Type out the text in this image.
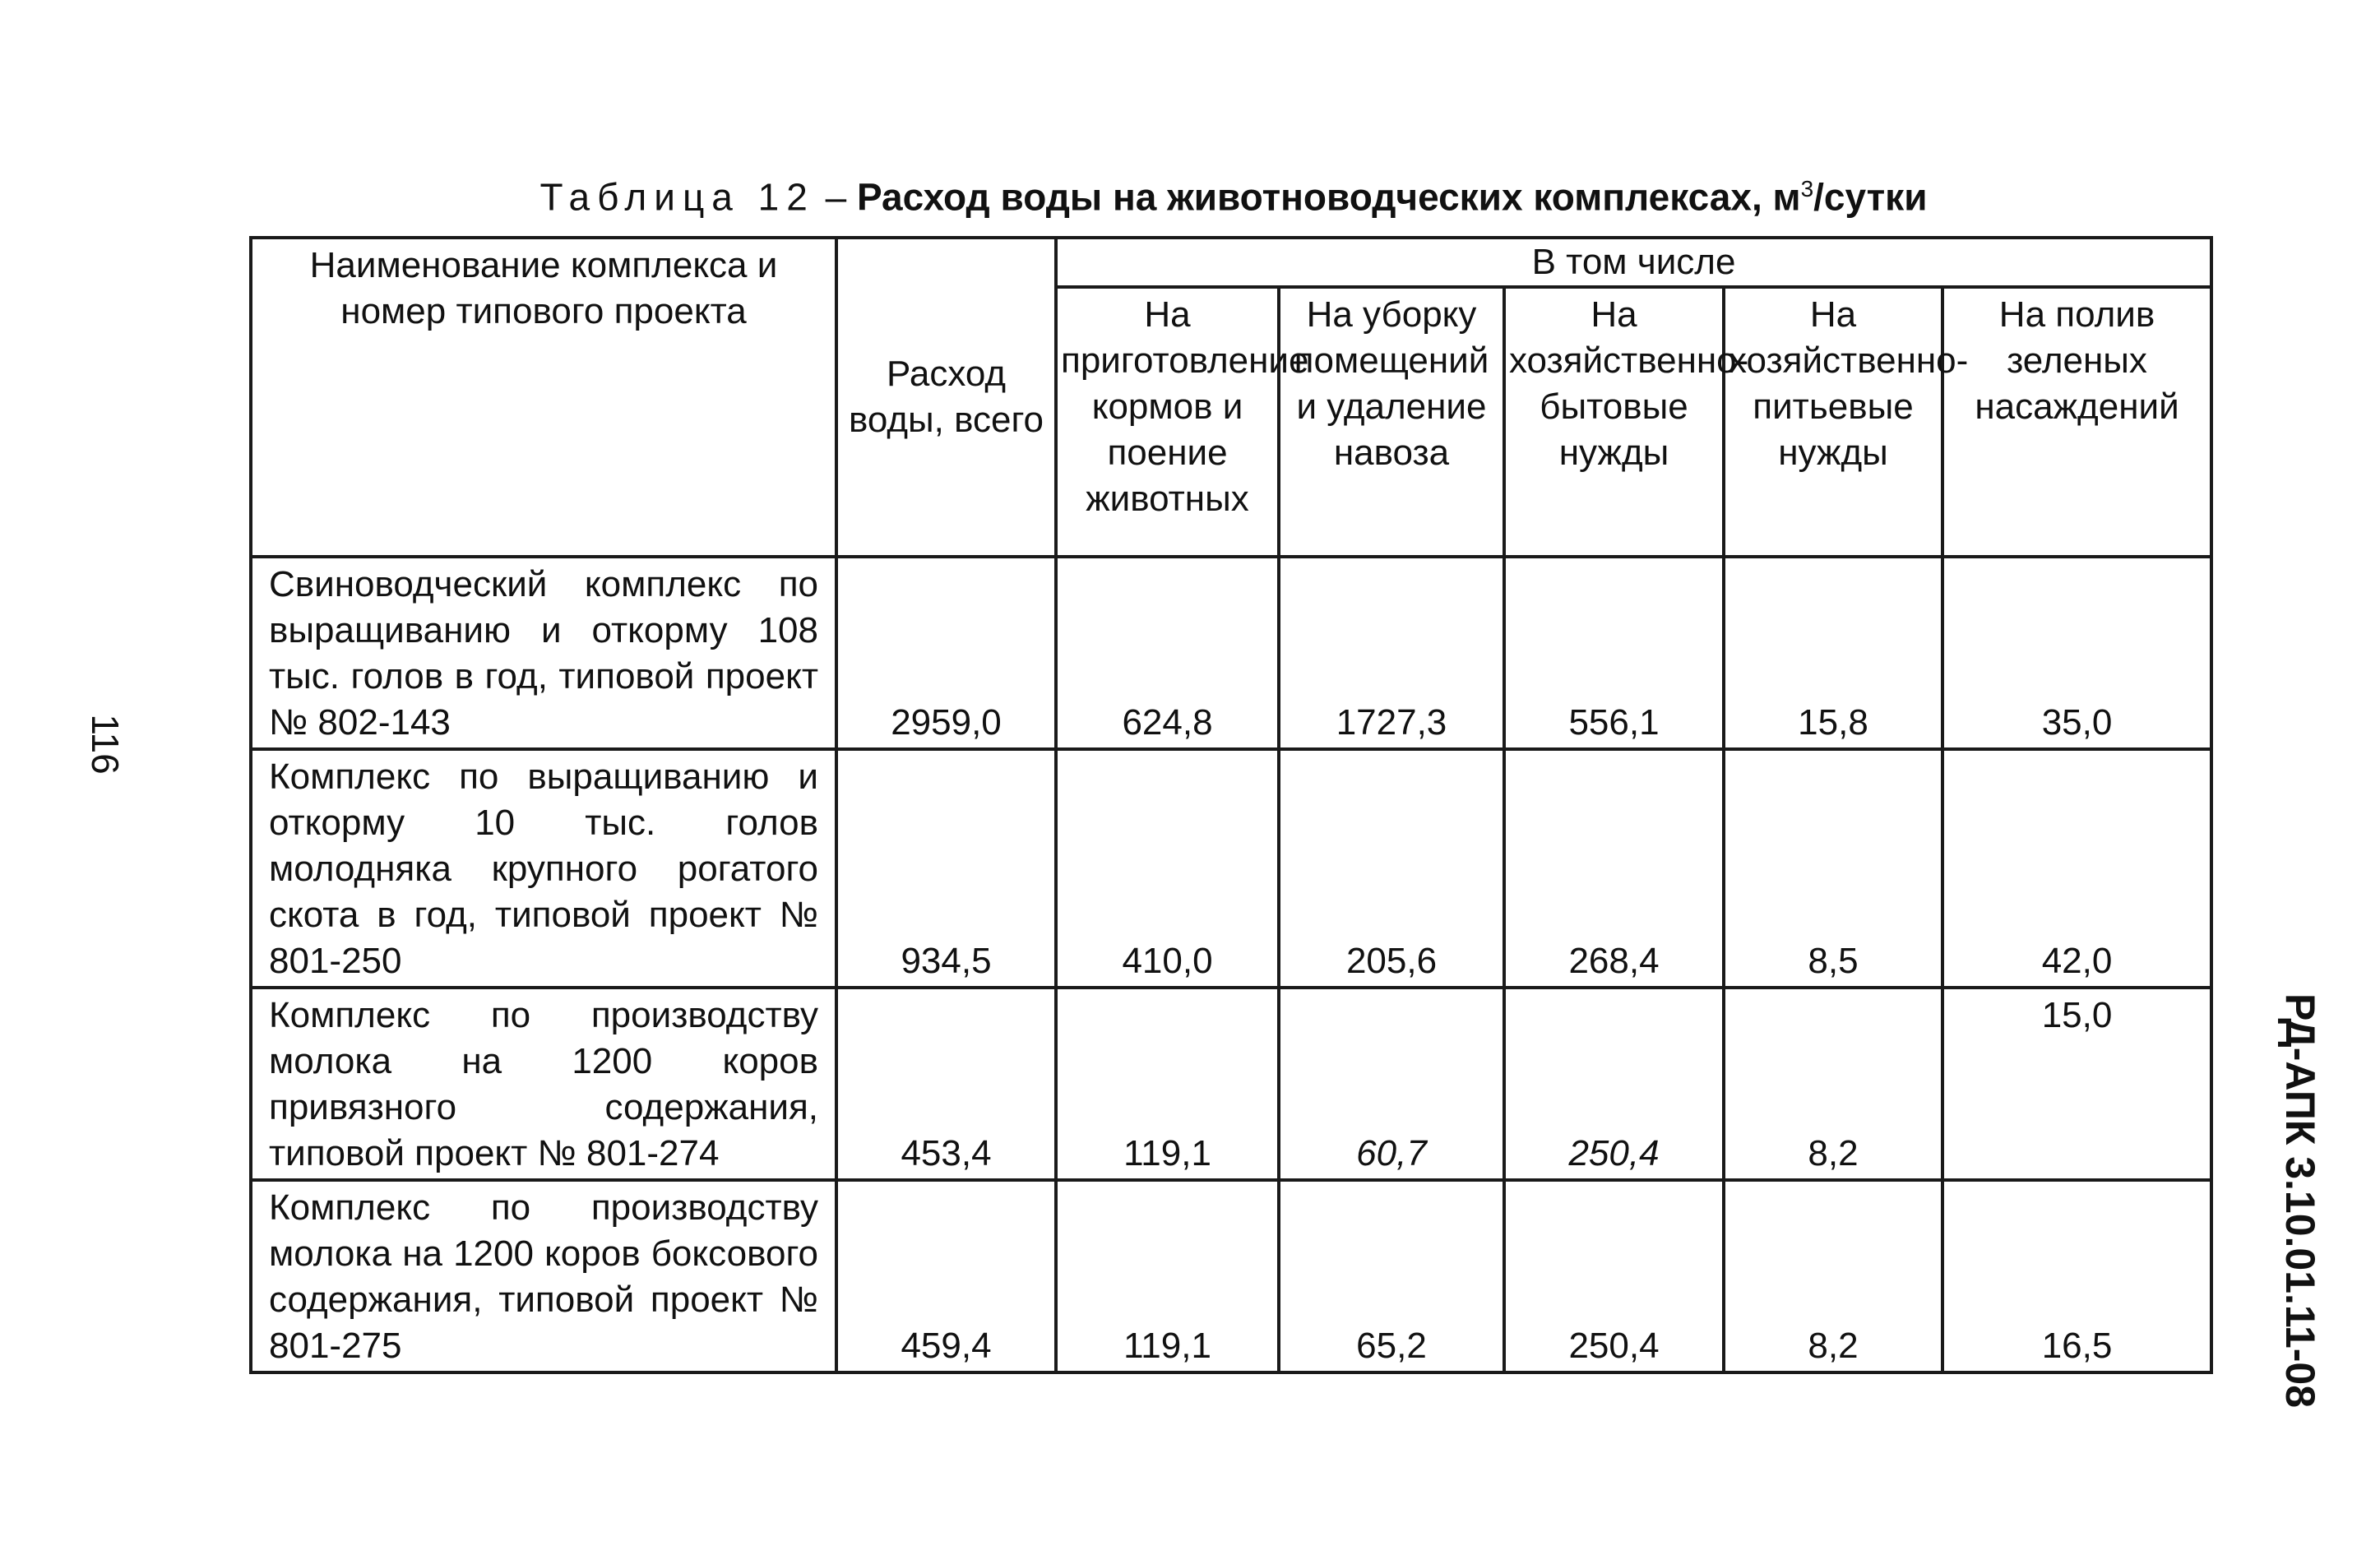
Таблица 12 – Расход воды на животноводческих комплексах, $м^3$/сутки
Наименование комплекса и номер типового проекта	Расход воды, всего	В том числе				
		На приготовление кормов и поение животных	На уборку помещений и удаление навоза	На хозяйственно-бытовые нужды	На хозяйственно-питьевые нужды	На полив зеленых насаждений
Свиноводческий комплекс по выращиванию и откорму 108 тыс. голов в год, типовой проект № 802-143	2959,0	624,8	1727,3	556,1	15,8	35,0
Комплекс по выращиванию и откорму 10 тыс. голов молодняка крупного рогатого скота в год, типовой проект № 801-250	934,5	410,0	205,6	268,4	8,5	42,0
Комплекс по производству молока на 1200 коров привязного содержания, типовой проект № 801-274	453,4	119,1	60,7	250,4	8,2	15,0
Комплекс по производству молока на 1200 коров боксового содержания, типовой проект № 801-275	459,4	119,1	65,2	250,4	8,2	16,5
116
РД-АПК 3.10.01.11-08
